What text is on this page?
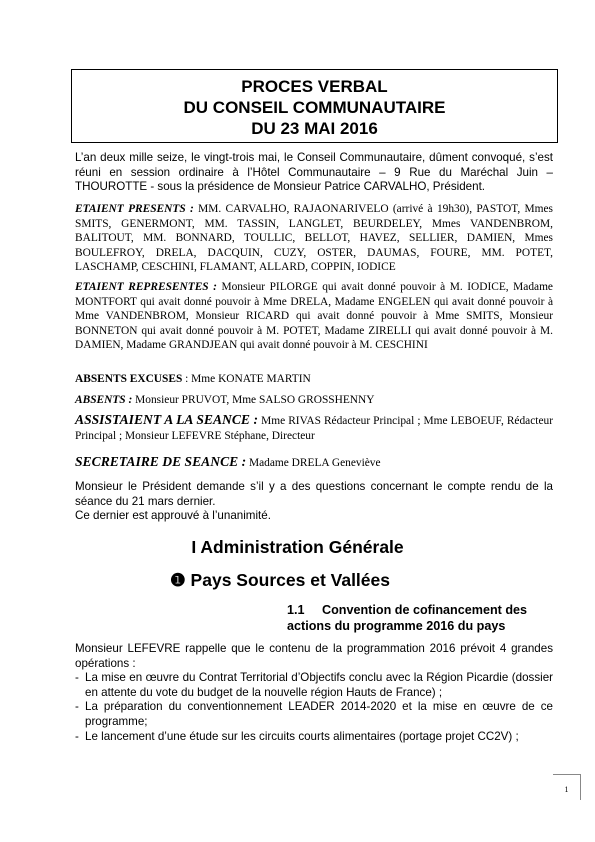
PROCES VERBAL
DU CONSEIL COMMUNAUTAIRE
DU 23 MAI 2016
L’an deux mille seize, le vingt-trois mai, le Conseil Communautaire, dûment convoqué, s’est réuni en session ordinaire à l’Hôtel Communautaire – 9 Rue du Maréchal Juin – THOUROTTE - sous la présidence de Monsieur Patrice CARVALHO, Président.
ETAIENT PRESENTS : MM. CARVALHO, RAJAONARIVELO (arrivé à 19h30), PASTOT, Mmes SMITS, GENERMONT, MM. TASSIN, LANGLET, BEURDELEY, Mmes VANDENBROM, BALITOUT, MM. BONNARD, TOULLIC, BELLOT, HAVEZ, SELLIER, DAMIEN, Mmes BOULEFROY, DRELA, DACQUIN, CUZY, OSTER, DAUMAS, FOURE, MM. POTET, LASCHAMP, CESCHINI, FLAMANT, ALLARD, COPPIN, IODICE
ETAIENT REPRESENTES : Monsieur PILORGE qui avait donné pouvoir à M. IODICE, Madame MONTFORT qui avait donné pouvoir à Mme DRELA, Madame ENGELEN qui avait donné pouvoir à Mme VANDENBROM, Monsieur RICARD qui avait donné pouvoir à Mme SMITS, Monsieur BONNETON qui avait donné pouvoir à M. POTET, Madame ZIRELLI qui avait donné pouvoir à M. DAMIEN, Madame GRANDJEAN qui avait donné pouvoir à M. CESCHINI
ABSENTS EXCUSES : Mme KONATE MARTIN
ABSENTS : Monsieur PRUVOT, Mme SALSO GROSSHENNY
ASSISTAIENT A LA SEANCE : Mme RIVAS Rédacteur Principal ; Mme LEBOEUF, Rédacteur Principal ; Monsieur LEFEVRE Stéphane, Directeur
SECRETAIRE DE SEANCE : Madame DRELA Geneviève
Monsieur le Président demande s’il y a des questions concernant le compte rendu de la séance du 21 mars dernier.
Ce dernier est approuvé à l’unanimité.
I Administration Générale
❶ Pays Sources et Vallées
1.1 Convention de cofinancement des
actions du programme 2016 du pays
Monsieur LEFEVRE rappelle que le contenu de la programmation 2016 prévoit 4 grandes opérations :
- La mise en œuvre du Contrat Territorial d’Objectifs conclu avec la Région Picardie (dossier en attente du vote du budget de la nouvelle région Hauts de France) ;
- La préparation du conventionnement LEADER 2014-2020 et la mise en œuvre de ce programme;
- Le lancement d’une étude sur les circuits courts alimentaires (portage projet CC2V) ;
1
